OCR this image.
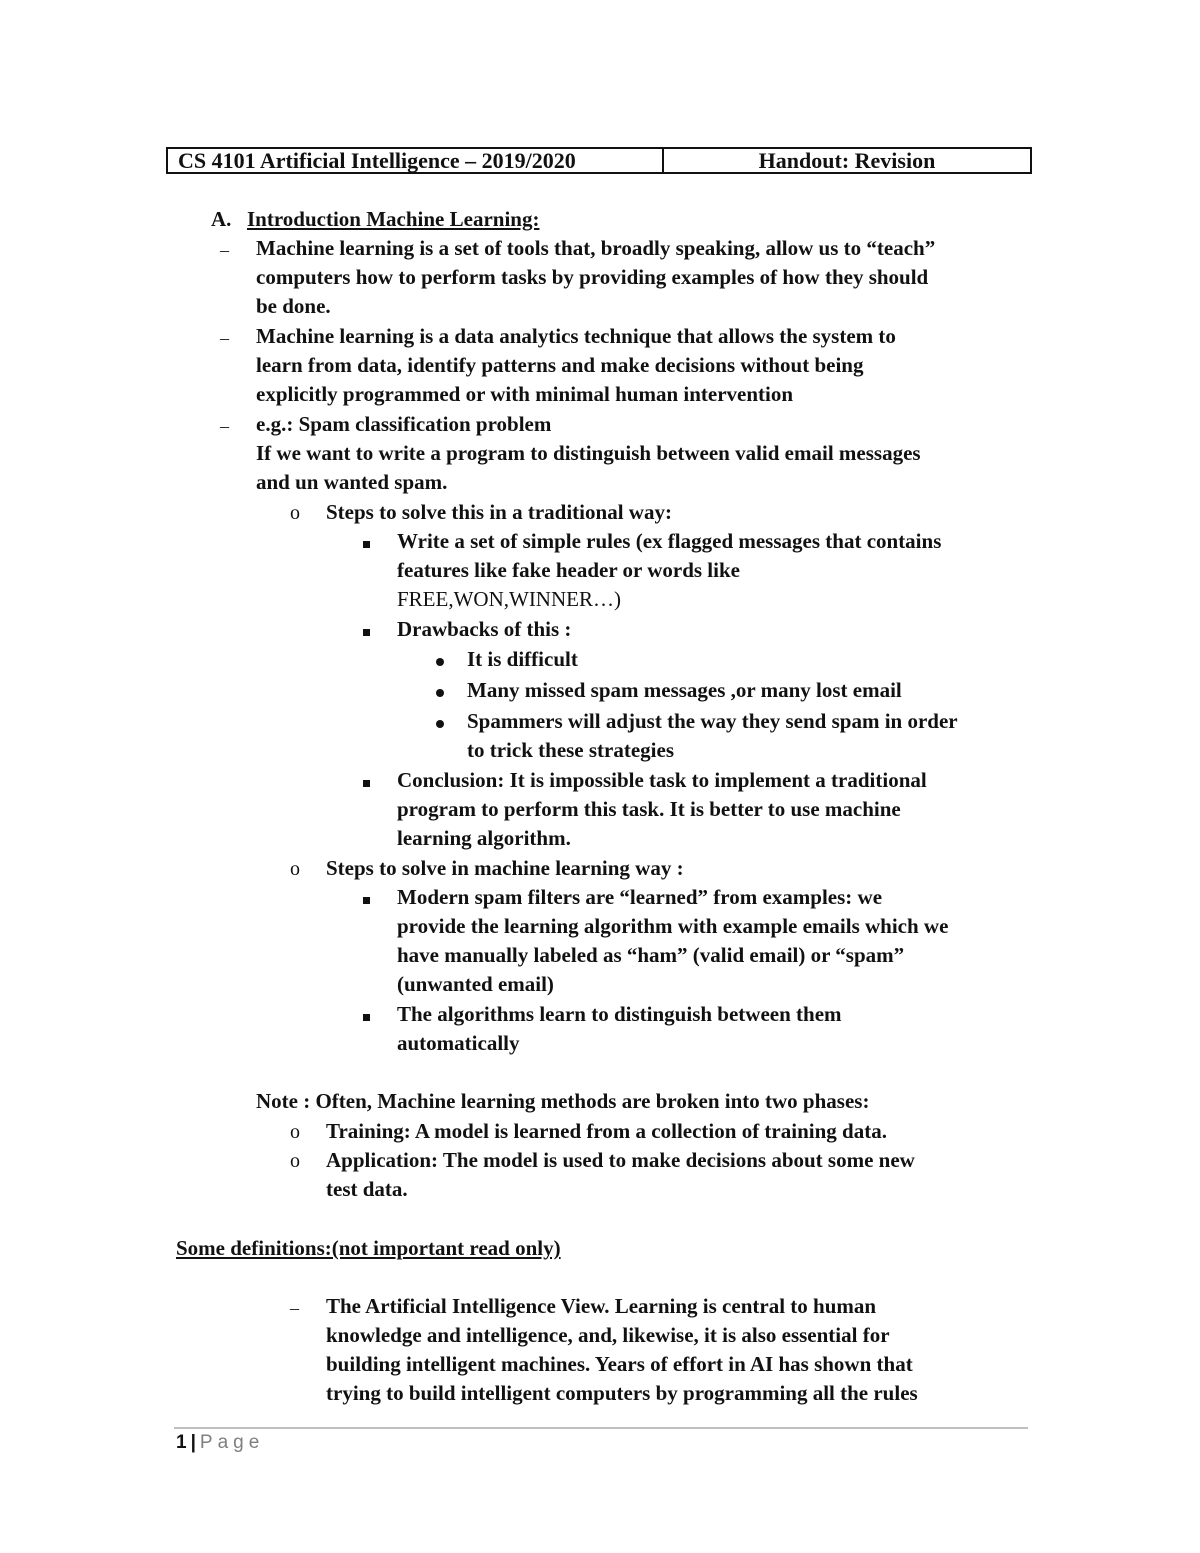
CS 4101 Artificial Intelligence – 2019/2020	Handout: Revision
A. Introduction Machine Learning:
– Machine learning is a set of tools that, broadly speaking, allow us to “teach”
computers how to perform tasks by providing examples of how they should
be done.
– Machine learning is a data analytics technique that allows the system to
learn from data, identify patterns and make decisions without being
explicitly programmed or with minimal human intervention
– e.g.: Spam classification problem
If we want to write a program to distinguish between valid email messages
and un wanted spam.
o Steps to solve this in a traditional way:
Write a set of simple rules (ex flagged messages that contains
features like fake header or words like
FREE,WON,WINNER…)
Drawbacks of this :
It is difficult
Many missed spam messages ,or many lost email
Spammers will adjust the way they send spam in order
to trick these strategies
Conclusion: It is impossible task to implement a traditional
program to perform this task. It is better to use machine
learning algorithm.
o Steps to solve in machine learning way :
Modern spam filters are “learned” from examples: we
provide the learning algorithm with example emails which we
have manually labeled as “ham” (valid email) or “spam”
(unwanted email)
The algorithms learn to distinguish between them
automatically
Note : Often, Machine learning methods are broken into two phases:
o Training: A model is learned from a collection of training data.
o Application: The model is used to make decisions about some new
test data.
Some definitions:(not important read only)
– The Artificial Intelligence View. Learning is central to human
knowledge and intelligence, and, likewise, it is also essential for
building intelligent machines. Years of effort in AI has shown that
trying to build intelligent computers by programming all the rules
1 | Page
